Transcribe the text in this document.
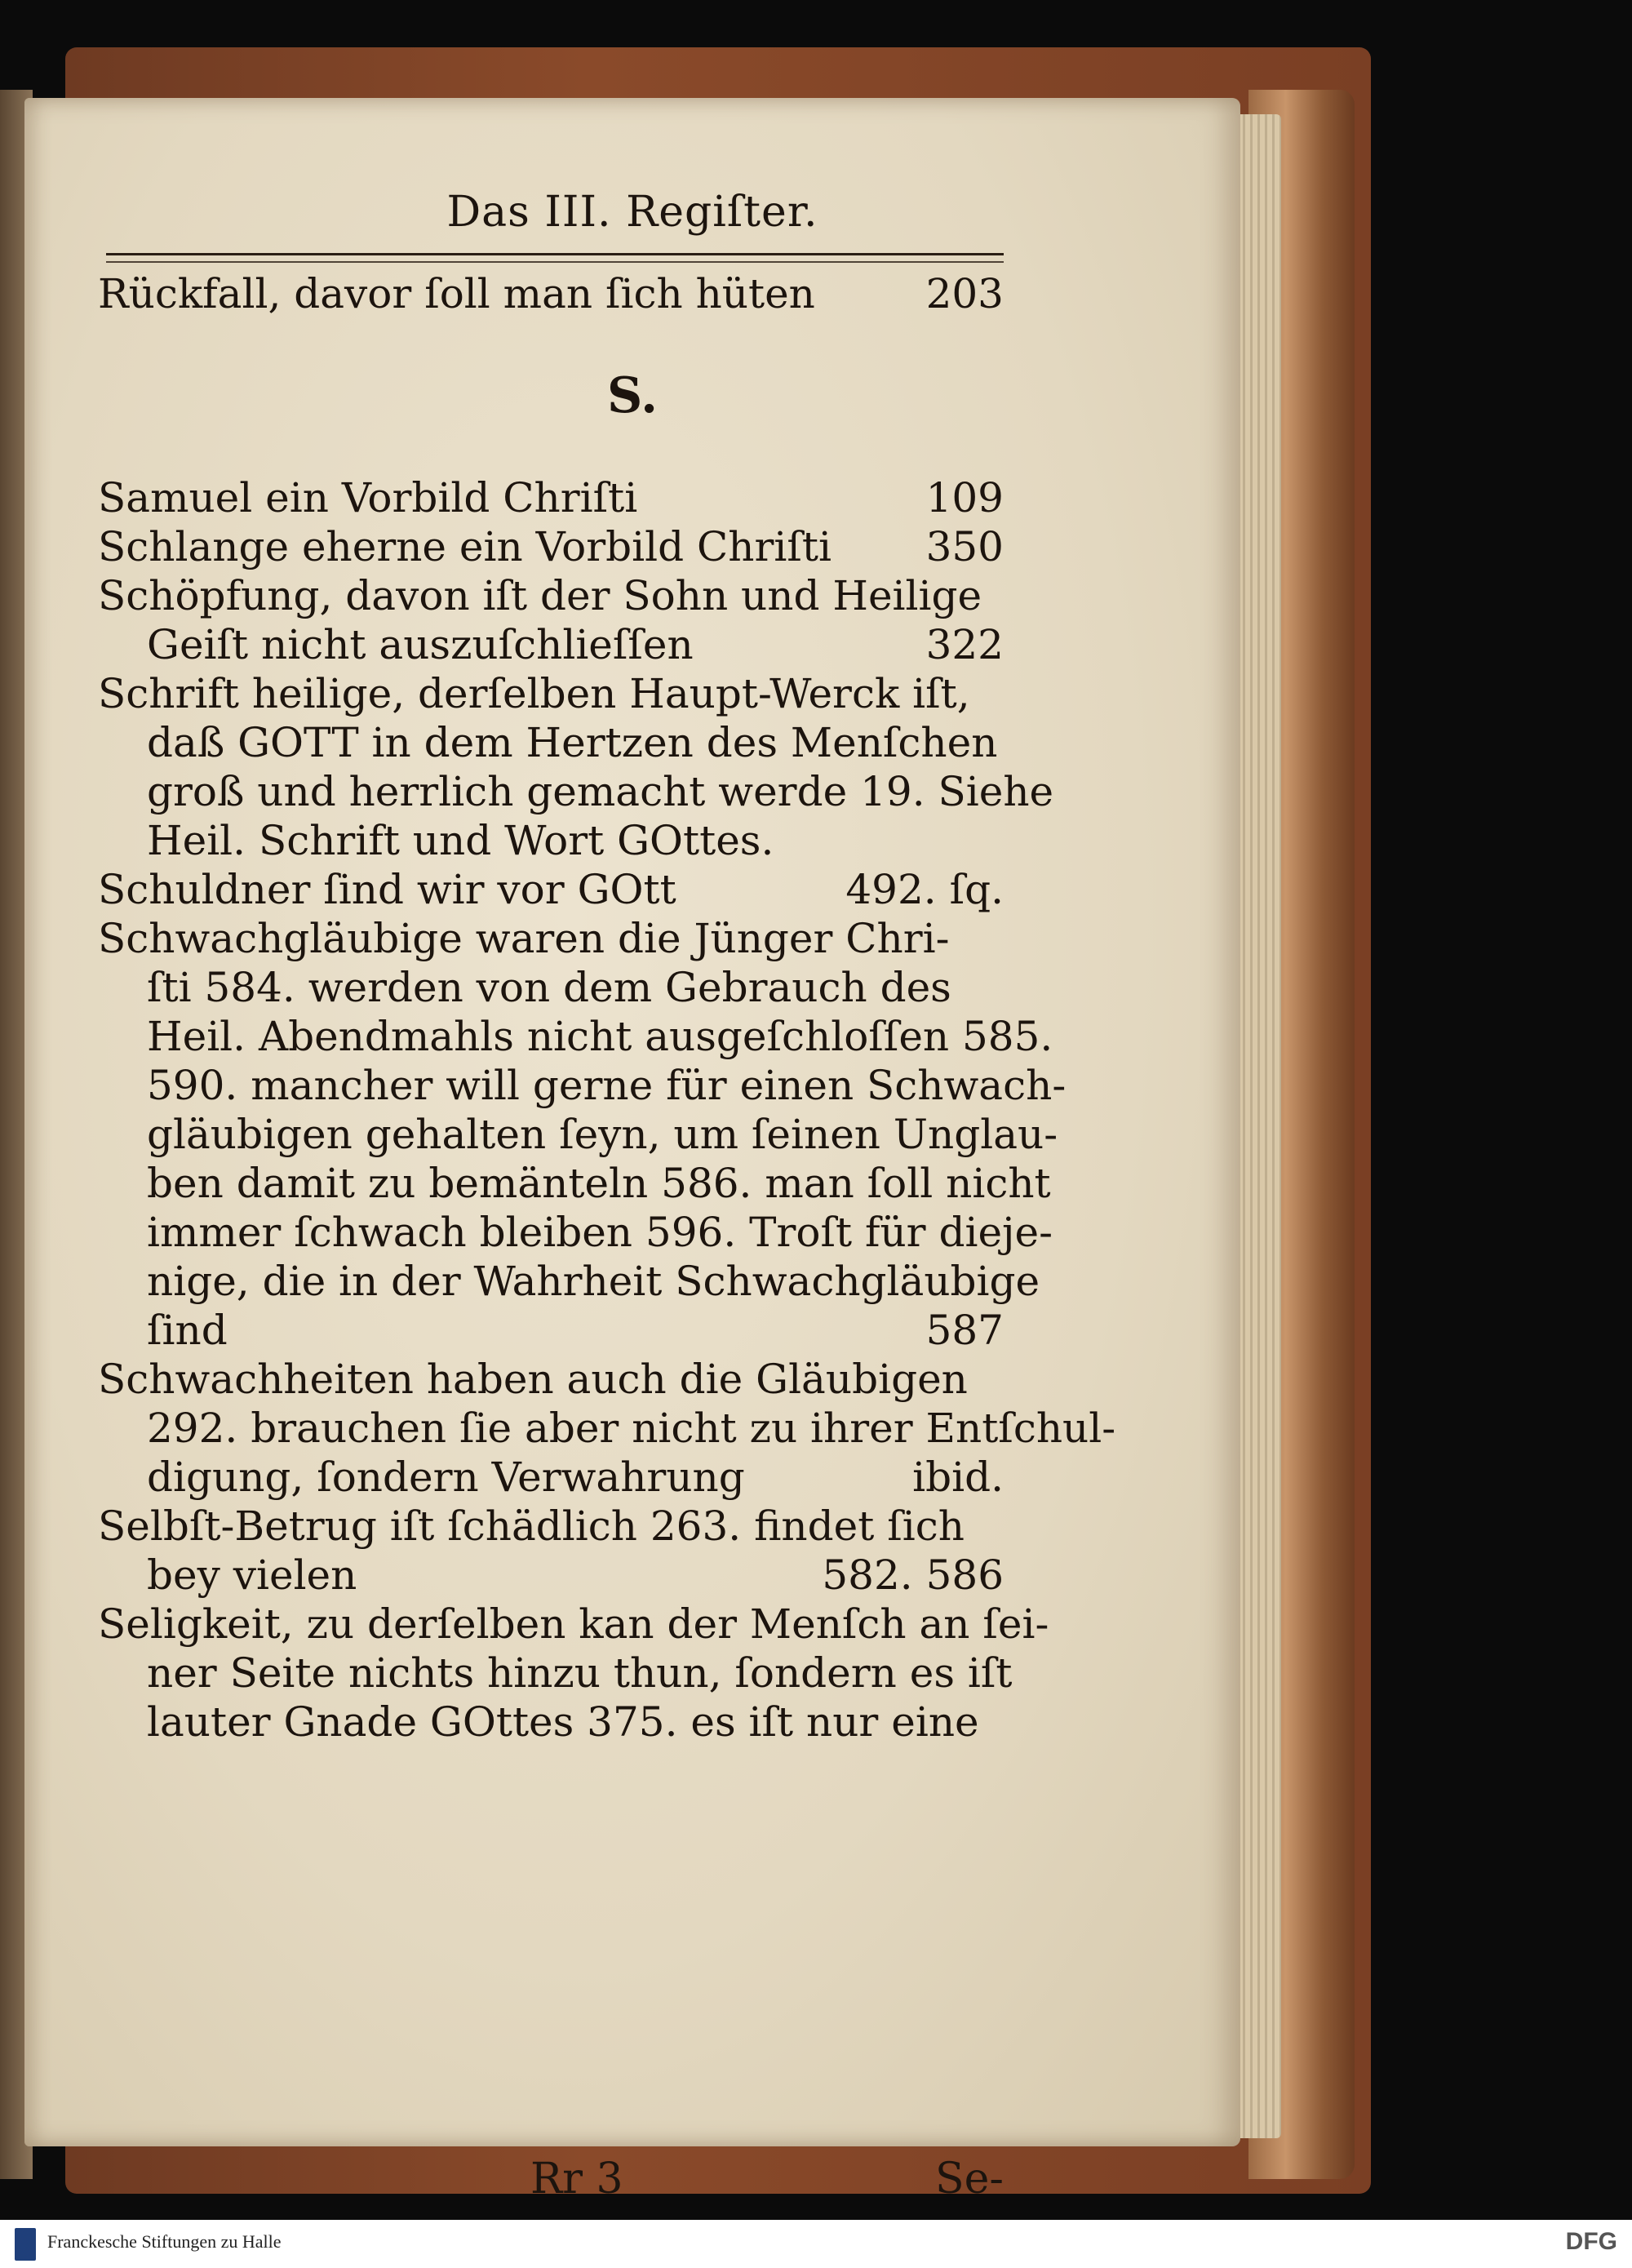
Das III. Regiſter.
S.
Rückfall, davor ſoll man ſich hüten	203
Samuel ein Vorbild Chriſti	109
Schlange eherne ein Vorbild Chriſti 350
Schöpfung, davon iſt der Sohn und Heilige
Geiſt nicht auszuſchlieſſen	322
Schrift heilige, derſelben Haupt-Werck iſt,
daß GOTT in dem Hertzen des Menſchen
groß und herrlich gemacht werde 19. Siehe
Heil. Schrift und Wort GOttes.
Schuldner ſind wir vor GOtt	492. ſq.
Schwachgläubige waren die Jünger Chri-
ſti 584. werden von dem Gebrauch des
Heil. Abendmahls nicht ausgeſchloſſen 585.
590. mancher will gerne für einen Schwach-
gläubigen gehalten ſeyn, um ſeinen Unglau-
ben damit zu bemänteln 586. man ſoll nicht
immer ſchwach bleiben 596. Troſt für dieje-
nige, die in der Wahrheit Schwachgläubige
ſind	587
Schwachheiten haben auch die Gläubigen
292. brauchen ſie aber nicht zu ihrer Entſchul-
digung, ſondern Verwahrung	ibid.
Selbſt-Betrug iſt ſchädlich 263. findet ſich
bey vielen	582. 586
Seligkeit, zu derſelben kan der Menſch an ſei-
ner Seite nichts hinzu thun, ſondern es iſt
lauter Gnade GOttes 375. es iſt nur eine
Rr 3	Se-
Franckesche Stiftungen zu Halle	DFG
